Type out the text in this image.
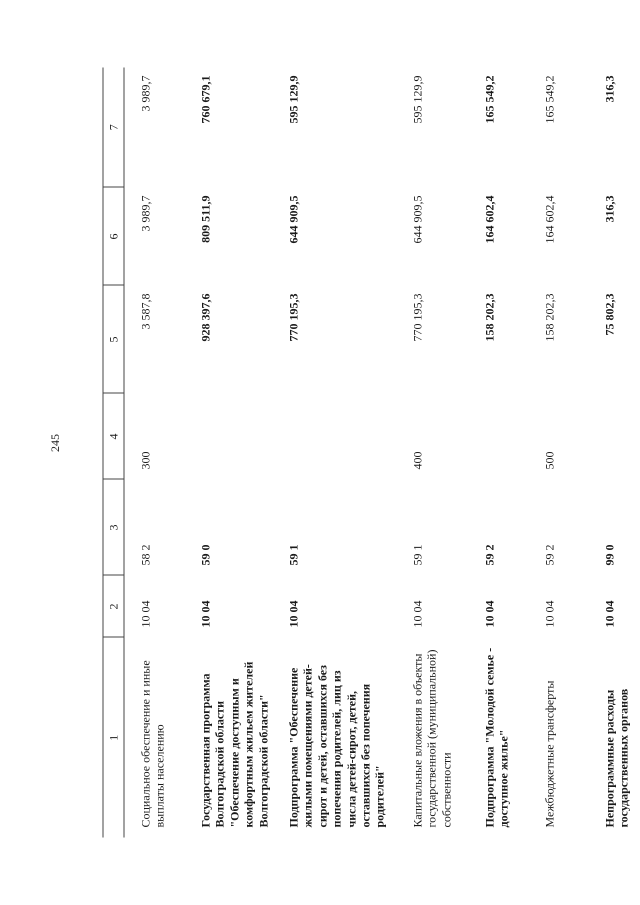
245
1	2	3	4	5	6	7
Социальное обеспечение и иные выплаты населению	10 04	58 2	300	3 587,8	3 989,7	3 989,7
Государственная программа Волгоградской области "Обеспечение доступным и комфортным жильем жителей Волгоградской области"	10 04	59 0		928 397,6	809 511,9	760 679,1
Подпрограмма "Обеспечение жилыми помещениями детей-сирот и детей, оставшихся без попечения родителей, лиц из числа детей-сирот, детей, оставшихся без попечения родителей"	10 04	59 1		770 195,3	644 909,5	595 129,9
Капитальные вложения в объекты государственной (муниципальной) собственности	10 04	59 1	400	770 195,3	644 909,5	595 129,9
Подпрограмма "Молодой семье - доступное жилье"	10 04	59 2		158 202,3	164 602,4	165 549,2
Межбюджетные трансферты	10 04	59 2	500	158 202,3	164 602,4	165 549,2
Непрограммные расходы государственных органов	10 04	99 0		75 802,3	316,3	316,3
